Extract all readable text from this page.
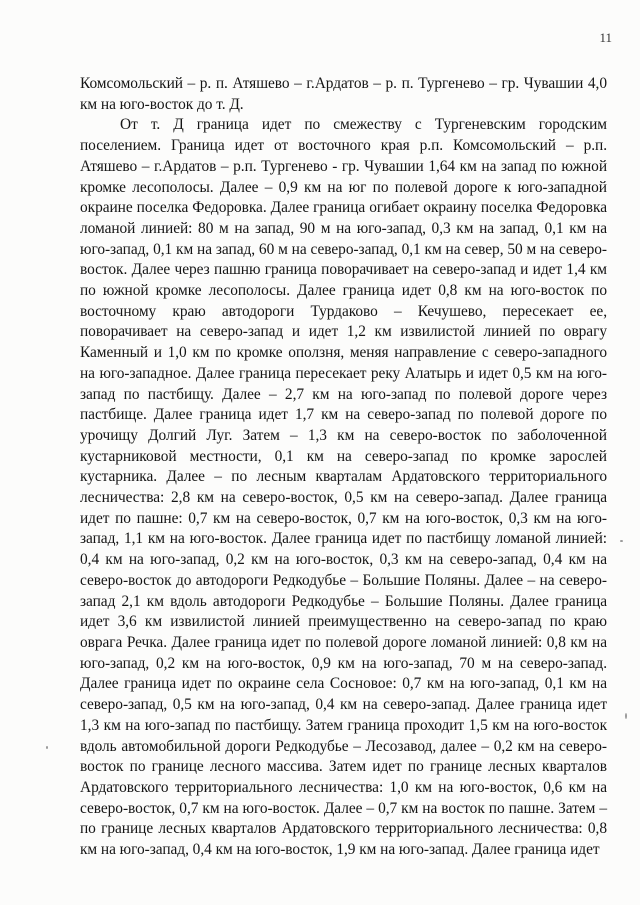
11

Комсомольский – р. п. Атяшево – г.Ардатов – р. п. Тургенево – гр. Чувашии 4,0 км на юго-восток до т. Д.

От т. Д граница идет по смежеству с Тургеневским городским поселением. Граница идет от восточного края р.п. Комсомольский – р.п. Атяшево – г.Ардатов – р.п. Тургенево - гр. Чувашии 1,64 км на запад по южной кромке лесополосы. Далее – 0,9 км на юг по полевой дороге к юго-западной окраине поселка Федоровка. Далее граница огибает окраину поселка Федоровка ломаной линией: 80 м на запад, 90 м на юго-запад, 0,3 км на запад, 0,1 км на юго-запад, 0,1 км на запад, 60 м на северо-запад, 0,1 км на север, 50 м на северо-восток. Далее через пашню граница поворачивает на северо-запад и идет 1,4 км по южной кромке лесополосы. Далее граница идет 0,8 км на юго-восток по восточному краю автодороги Турдаково – Кечушево, пересекает ее, поворачивает на северо-запад и идет 1,2 км извилистой линией по оврагу Каменный и 1,0 км по кромке оползня, меняя направление с северо-западного на юго-западное. Далее граница пересекает реку Алатырь и идет 0,5 км на юго-запад по пастбищу. Далее – 2,7 км на юго-запад по полевой дороге через пастбище. Далее граница идет 1,7 км на северо-запад по полевой дороге по урочищу Долгий Луг. Затем – 1,3 км на северо-восток по заболоченной кустарниковой местности, 0,1 км на северо-запад по кромке зарослей кустарника. Далее – по лесным кварталам Ардатовского территориального лесничества: 2,8 км на северо-восток, 0,5 км на северо-запад. Далее граница идет по пашне: 0,7 км на северо-восток, 0,7 км на юго-восток, 0,3 км на юго-запад, 1,1 км на юго-восток. Далее граница идет по пастбищу ломаной линией: 0,4 км на юго-запад, 0,2 км на юго-восток, 0,3 км на северо-запад, 0,4 км на северо-восток до автодороги Редкодубье – Большие Поляны. Далее – на северо-запад 2,1 км вдоль автодороги Редкодубье – Большие Поляны. Далее граница идет 3,6 км извилистой линией преимущественно на северо-запад по краю оврага Речка. Далее граница идет по полевой дороге ломаной линией: 0,8 км на юго-запад, 0,2 км на юго-восток, 0,9 км на юго-запад, 70 м на северо-запад. Далее граница идет по окраине села Сосновое: 0,7 км на юго-запад, 0,1 км на северо-запад, 0,5 км на юго-запад, 0,4 км на северо-запад. Далее граница идет 1,3 км на юго-запад по пастбищу. Затем граница проходит 1,5 км на юго-восток вдоль автомобильной дороги Редкодубье – Лесозавод, далее – 0,2 км на северо-восток по границе лесного массива. Затем идет по границе лесных кварталов Ардатовского территориального лесничества: 1,0 км на юго-восток, 0,6 км на северо-восток, 0,7 км на юго-восток. Далее – 0,7 км на восток по пашне. Затем – по границе лесных кварталов Ардатовского территориального лесничества: 0,8 км на юго-запад, 0,4 км на юго-восток, 1,9 км на юго-запад. Далее граница идет
